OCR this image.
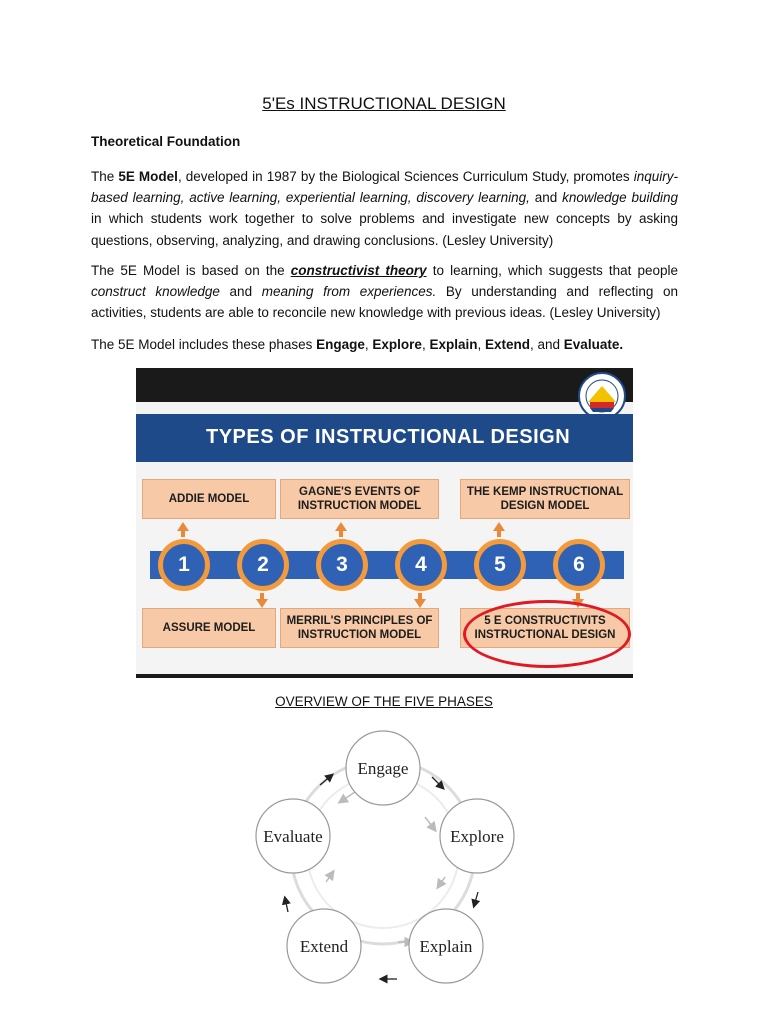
5'Es INSTRUCTIONAL DESIGN
Theoretical Foundation
The 5E Model, developed in 1987 by the Biological Sciences Curriculum Study, promotes inquiry-based learning, active learning, experiential learning, discovery learning, and knowledge building in which students work together to solve problems and investigate new concepts by asking questions, observing, analyzing, and drawing conclusions. (Lesley University)
The 5E Model is based on the constructivist theory to learning, which suggests that people construct knowledge and meaning from experiences. By understanding and reflecting on activities, students are able to reconcile new knowledge with previous ideas. (Lesley University)
The 5E Model includes these phases Engage, Explore, Explain, Extend, and Evaluate.
TYPES OF INSTRUCTIONAL DESIGN
ADDIE MODEL
GAGNE'S EVENTS OF INSTRUCTION MODEL
THE KEMP INSTRUCTIONAL DESIGN MODEL
1	2	3	4	5	6
ASSURE MODEL
MERRIL'S PRINCIPLES OF INSTRUCTION MODEL
5 E CONSTRUCTIVITS INSTRUCTIONAL DESIGN
OVERVIEW OF THE FIVE PHASES
Engage
Explore
Explain
Extend
Evaluate
